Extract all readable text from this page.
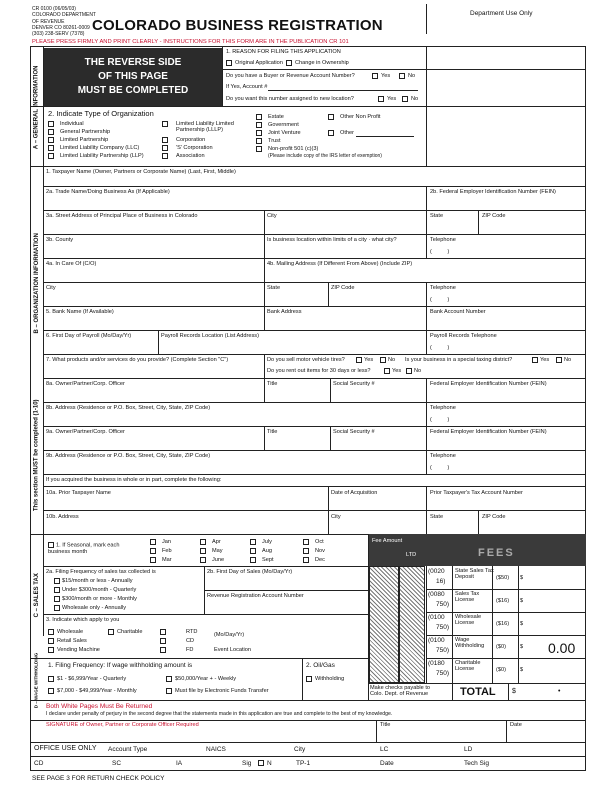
CR 0100 (06/05/03)
COLORADO DEPARTMENT
OF REVENUE
DENVER CO 80261-0009
(303) 238-SERV (7378) COLORADO BUSINESS REGISTRATION
Department Use Only
PLEASE PRESS FIRMLY AND PRINT CLEARLY - INSTRUCTIONS FOR THIS FORM ARE IN THE PUBLICATION CR 101
THE REVERSE SIDE
OF THIS PAGE
MUST BE COMPLETED
1. REASON FOR FILING THIS APPLICATION
Original Application Change in Ownership
Do you have a Buyer or Revenue Account Number?	Yes	No
If Yes, Account #
Do you want this number assigned to new location?	Yes	No
A – GENERAL INFORMATION 2. Indicate Type of Organization
Individual
General Partnership
Limited Partnership
Limited Liability Company (LLC)
Limited Liability Partnership (LLP)
Limited Liability Limited Partnership (LLLP)
Corporation
'S' Corporation
Association
Estate
Government
Joint Venture
Trust
Non-profit 501 (c)(3)
(Please include copy of the IRS letter of exemption)
Other Non Profit
Other
B – ORGANIZATION INFORMATION
This section MUST be completed (1-10)
1. Taxpayer Name (Owner, Partners or Corporate Name) (Last, First, Middle)
2a. Trade Name/Doing Business As (If Applicable)	2b. Federal Employer Identification Number (FEIN)
3a. Street Address of Principal Place of Business in Colorado	City	State	ZIP Code
3b. County	Is business location within limits of a city · what city?	Telephone
(          )
4a. In Care Of (C/O)	4b. Mailing Address (If Different From Above) (Include ZIP)
City	State	ZIP Code	Telephone
(          )
5. Bank Name (If Available)	Bank Address	Bank Account Number
6. First Day of Payroll (Mo/Day/Yr)	Payroll Records Location (List Address)	Payroll Records Telephone
(          )
7. What products and/or services do you provide? (Complete Section "C")	Do you sell motor vehicle tires?	Yes	No Is your business in a special taxing district?	Yes	No
Do you rent out items for 30 days or less?	Yes No
8a. Owner/Partner/Corp. Officer	Title	Social Security #	Federal Employer Identification Number (FEIN)
8b. Address (Residence or P.O. Box, Street, City, State, ZIP Code)	Telephone
(          )
9a. Owner/Partner/Corp. Officer	Title	Social Security #	Federal Employer Identification Number (FEIN)
9b. Address (Residence or P.O. Box, Street, City, State, ZIP Code)	Telephone
(          )
If you acquired the business in whole or in part, complete the following:
10a. Prior Taxpayer Name	Date of Acquisition	Prior Taxpayer's Tax Account Number
10b. Address	City	State	ZIP Code
C – SALES TAX
1. If Seasonal, mark each business month
Jan
Feb
Mar
Apr
May
June
July
Aug
Sept
Oct
Nov
Dec
Fee Amount
LTD	FEES
2a. Filing Frequency of sales tax collected is
$15/month or less - Annually
Under $300/month - Quarterly
$300/month or more - Monthly
Wholesale only - Annually
2b. First Day of Sales (Mo/Day/Yr)
Revenue Registration Account Number
3. Indicate which apply to you
Wholesale	Charitable
Retail Sales
Vending Machine
RTD
CD
FD
(Mo/Day/Yr)
Event Location
(0020
16)
State Sales Tax Deposit	($50) $
(0080
750)
Sales Tax License	($16) $
(0100
750)
Wholesale License	($16) $
(0100
750)
Wage Withholding	($0)	$ 0.00
(0180
750)
Charitable License	($0)	$
Make checks payable to Colo. Dept. of Revenue	TOTAL $	•
D – WAGE WITHHOLDING 1. Filing Frequency: If wage withholding amount is
$1 - $6,999/Year - Quarterly
$7,000 - $49,999/Year - Monthly
$50,000/Year + - Weekly
Must file by Electronic Funds Transfer
2. Oil/Gas
Withholding
Both White Pages Must Be Returned
I declare under penalty of perjury in the second degree that the statements made in this application are true and complete to the best of my knowledge.
SIGNATURE of Owner, Partner or Corporate Officer Required	Title	Date
OFFICE USE ONLY Account Type	NAICS	City	LC	LD
CD	SC	IA	Sig N	TP-1	Date	Tech Sig
SEE PAGE 3 FOR RETURN CHECK POLICY
